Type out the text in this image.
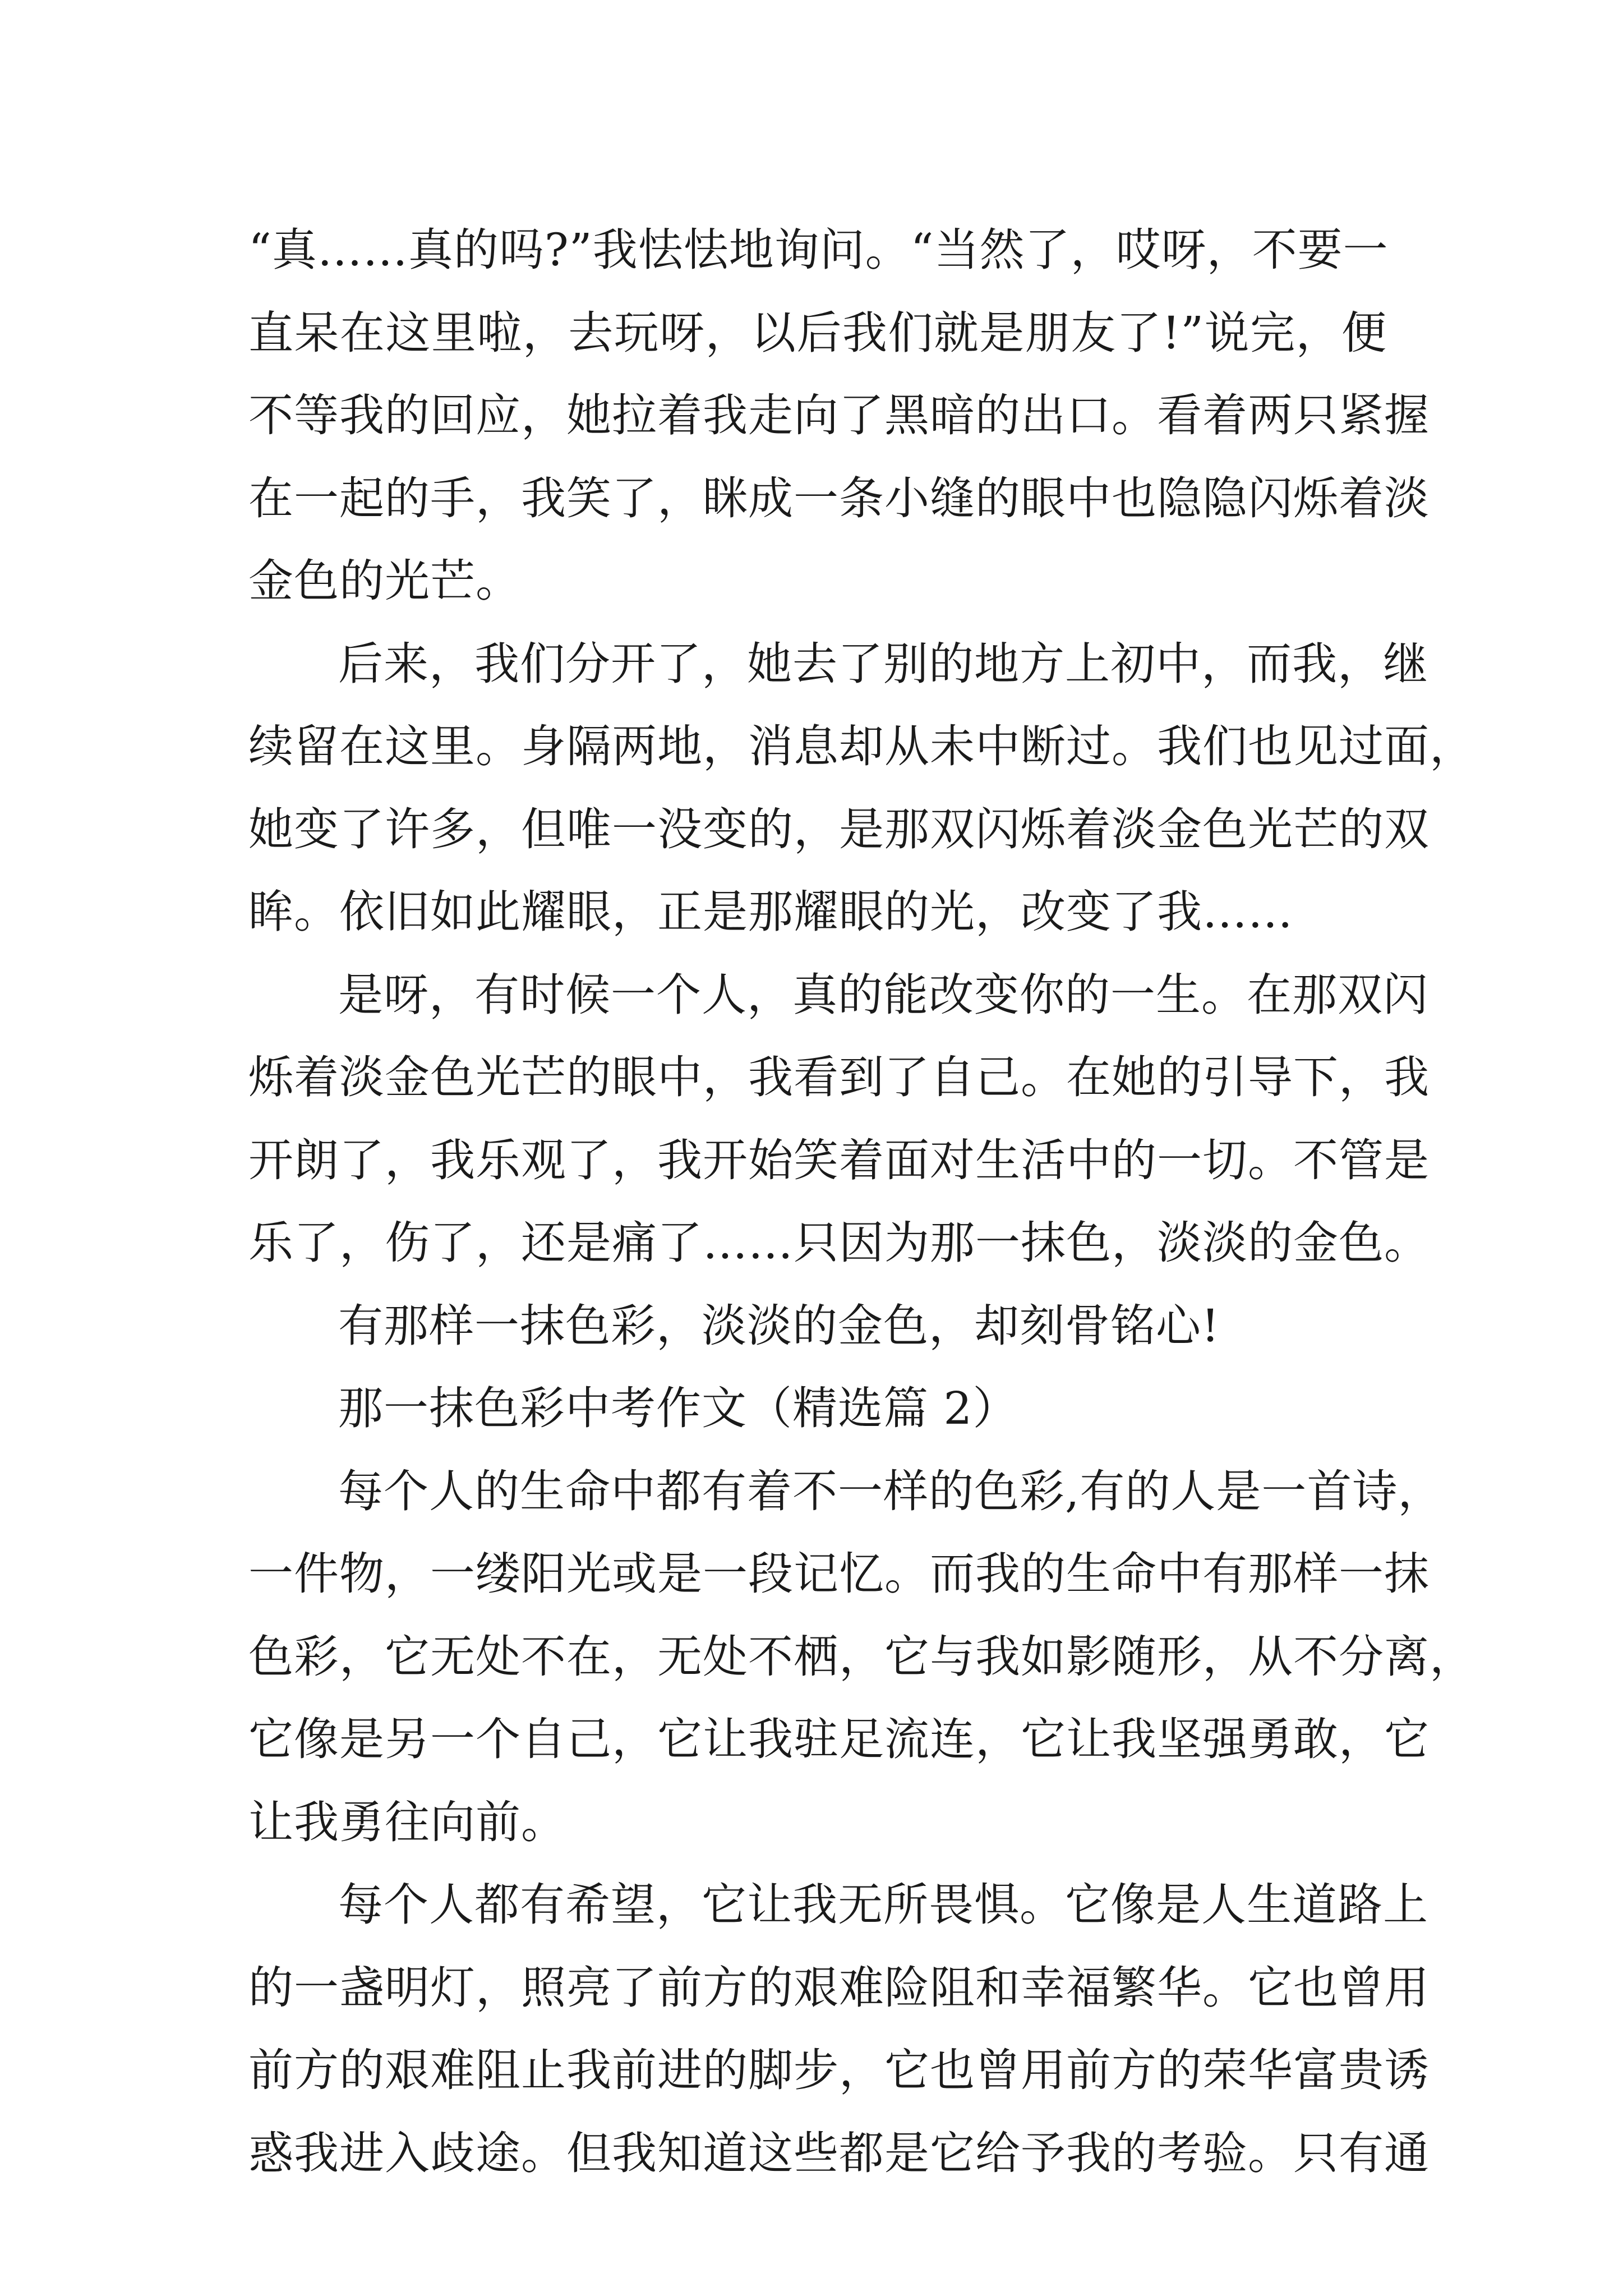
“真……真的吗?”我怯怯地询问。“当然了，哎呀，不要一
直呆在这里啦，去玩呀，以后我们就是朋友了!”说完，便
不等我的回应，她拉着我走向了黑暗的出口。看着两只紧握
在一起的手，我笑了，眯成一条小缝的眼中也隐隐闪烁着淡
金色的光芒。
后来，我们分开了，她去了别的地方上初中，而我，继
续留在这里。身隔两地，消息却从未中断过。我们也见过面，
她变了许多，但唯一没变的，是那双闪烁着淡金色光芒的双
眸。依旧如此耀眼，正是那耀眼的光，改变了我……
是呀，有时候一个人，真的能改变你的一生。在那双闪
烁着淡金色光芒的眼中，我看到了自己。在她的引导下，我
开朗了，我乐观了，我开始笑着面对生活中的一切。不管是
乐了，伤了，还是痛了……只因为那一抹色，淡淡的金色。
有那样一抹色彩，淡淡的金色，却刻骨铭心!
那一抹色彩中考作文（精选篇 2）
每个人的生命中都有着不一样的色彩,有的人是一首诗，
一件物，一缕阳光或是一段记忆。而我的生命中有那样一抹
色彩，它无处不在，无处不栖，它与我如影随形，从不分离，
它像是另一个自己，它让我驻足流连，它让我坚强勇敢，它
让我勇往向前。
每个人都有希望，它让我无所畏惧。它像是人生道路上
的一盏明灯，照亮了前方的艰难险阻和幸福繁华。它也曾用
前方的艰难阻止我前进的脚步，它也曾用前方的荣华富贵诱
惑我进入歧途。但我知道这些都是它给予我的考验。只有通
